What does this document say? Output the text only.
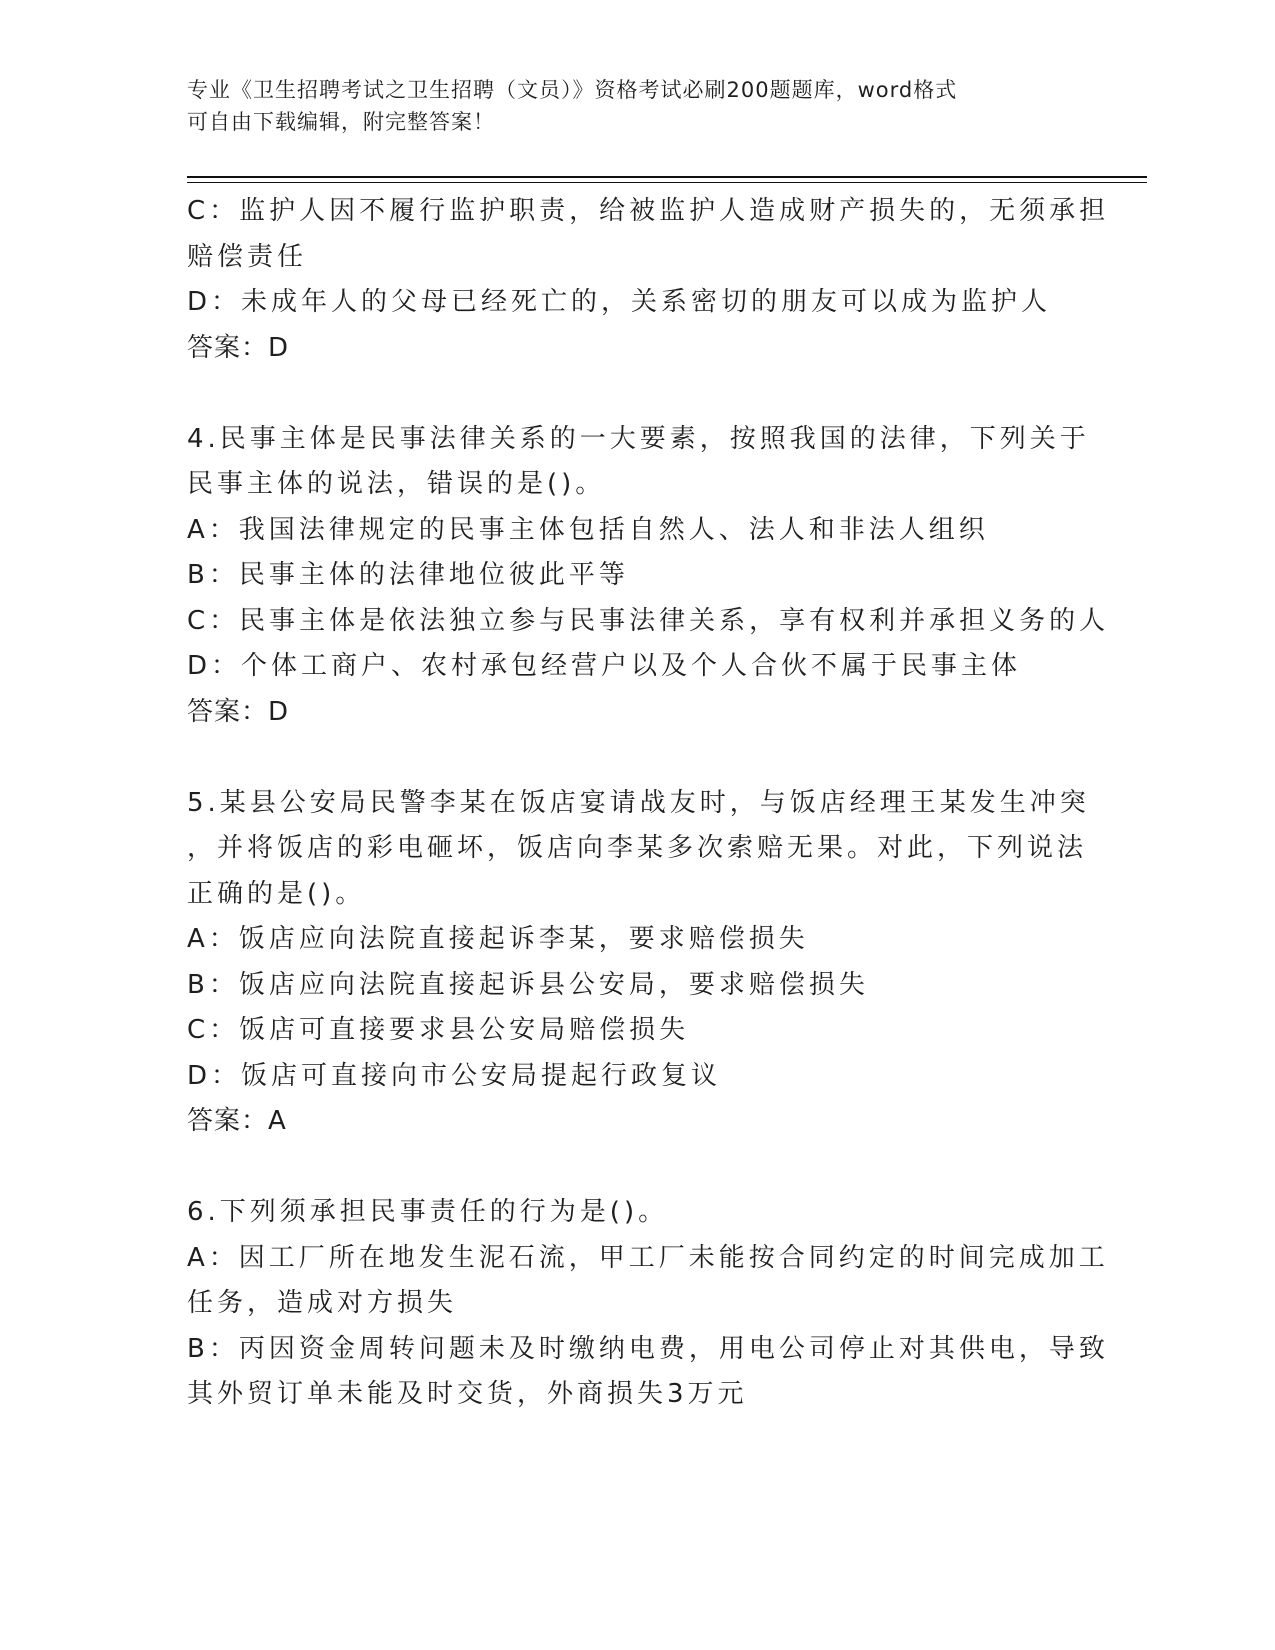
专业《卫生招聘考试之卫生招聘（文员）》资格考试必刷200题题库，word格式
可自由下载编辑，附完整答案！
C：监护人因不履行监护职责，给被监护人造成财产损失的，无须承担
赔偿责任
D：未成年人的父母已经死亡的，关系密切的朋友可以成为监护人
答案：D
4.民事主体是民事法律关系的一大要素，按照我国的法律，下列关于
民事主体的说法，错误的是()。
A：我国法律规定的民事主体包括自然人、法人和非法人组织
B：民事主体的法律地位彼此平等
C：民事主体是依法独立参与民事法律关系，享有权利并承担义务的人
D：个体工商户、农村承包经营户以及个人合伙不属于民事主体
答案：D
5.某县公安局民警李某在饭店宴请战友时，与饭店经理王某发生冲突
，并将饭店的彩电砸坏，饭店向李某多次索赔无果。对此，下列说法
正确的是()。
A：饭店应向法院直接起诉李某，要求赔偿损失
B：饭店应向法院直接起诉县公安局，要求赔偿损失
C：饭店可直接要求县公安局赔偿损失
D：饭店可直接向市公安局提起行政复议
答案：A
6.下列须承担民事责任的行为是()。
A：因工厂所在地发生泥石流，甲工厂未能按合同约定的时间完成加工
任务，造成对方损失
B：丙因资金周转问题未及时缴纳电费，用电公司停止对其供电，导致
其外贸订单未能及时交货，外商损失3万元
